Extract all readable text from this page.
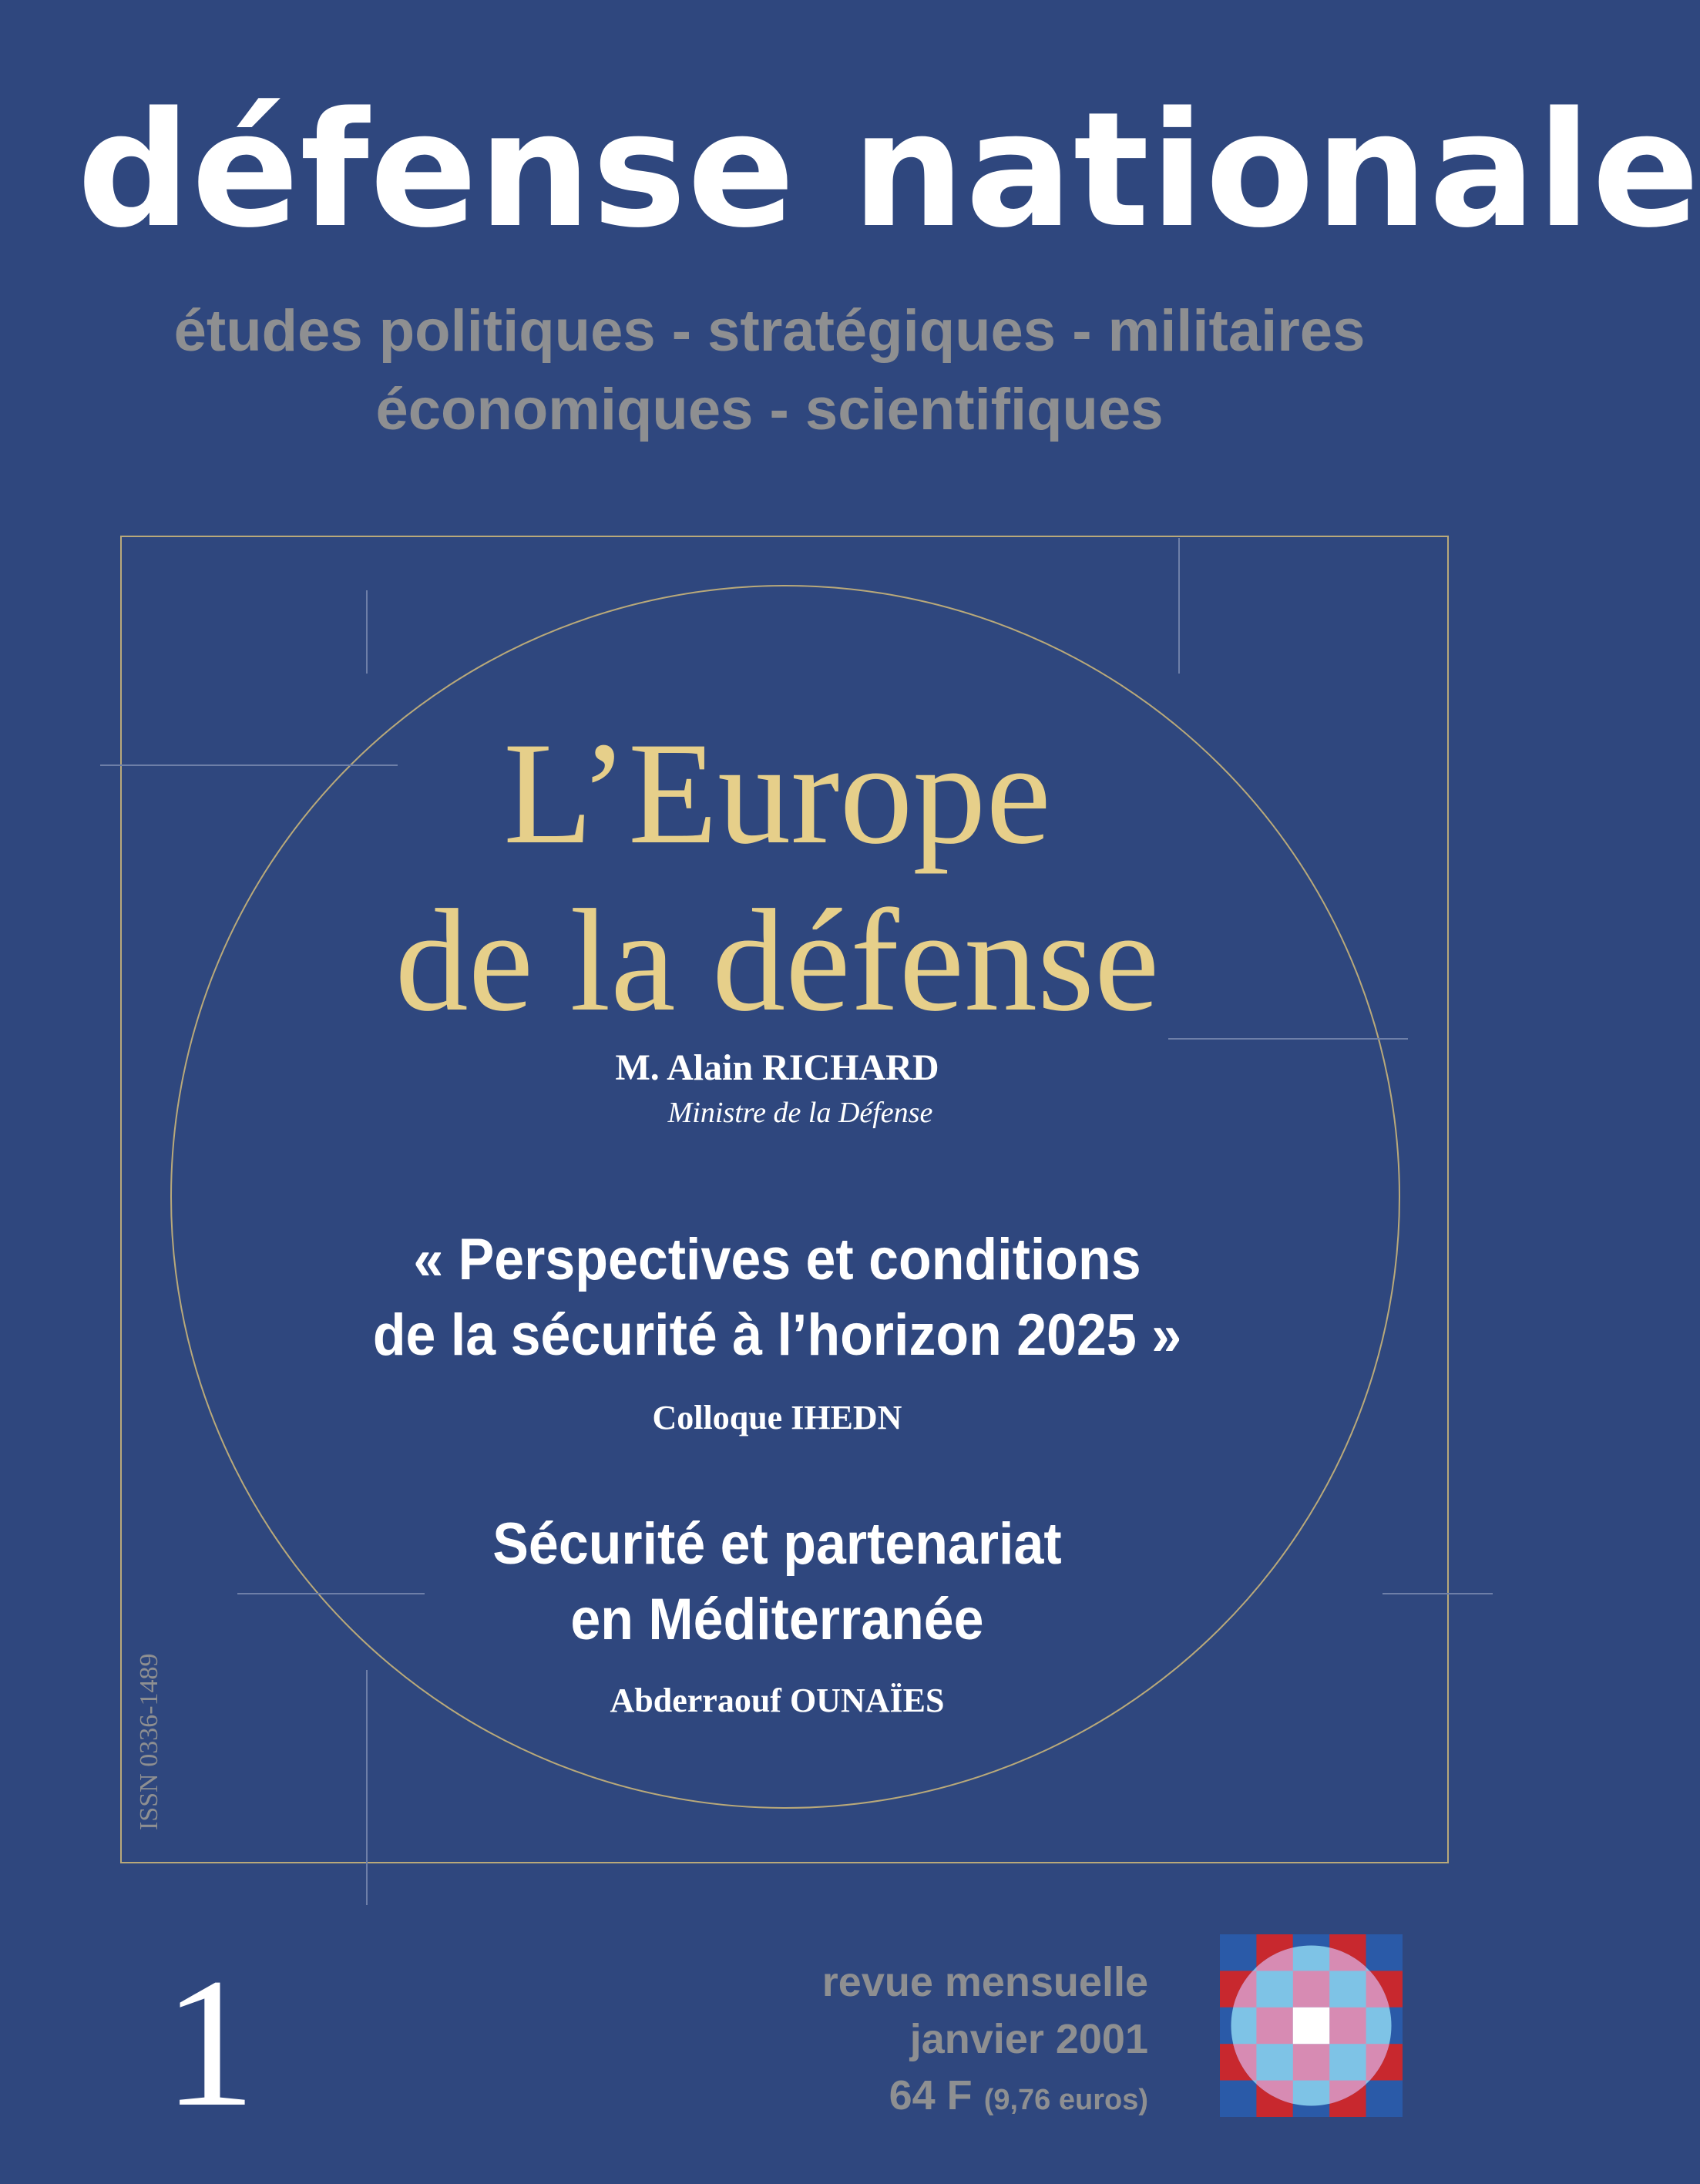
défense nationale
études politiques - stratégiques - militaires
économiques - scientifiques
L’Europe
de la défense
M. Alain RICHARD
Ministre de la Défense
« Perspectives et conditions
de la sécurité à l’horizon 2025 »
Colloque IHEDN
Sécurité et partenariat
en Méditerranée
Abderraouf OUNAÏES
ISSN 0336-1489
1	revue mensuelle
janvier 2001
64 F (9,76 euros)
